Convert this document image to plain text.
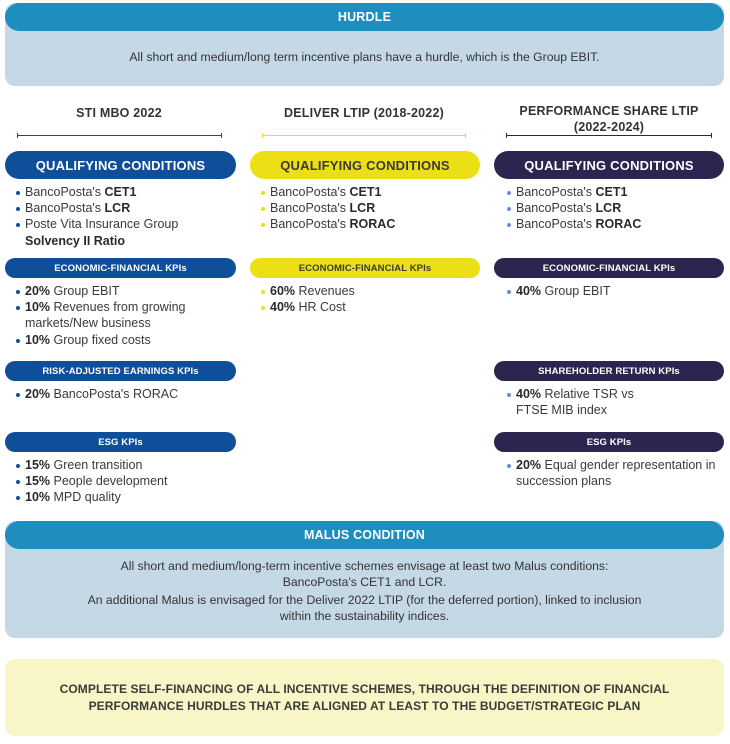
HURDLE
All short and medium/long term incentive plans have a hurdle, which is the Group EBIT.
STI MBO 2022	DELIVER LTIP (2018-2022)	PERFORMANCE SHARE LTIP
(2022-2024)
QUALIFYING CONDITIONS
BancoPosta's CET1
BancoPosta's LCR
Poste Vita Insurance Group
Solvency II Ratio
ECONOMIC-FINANCIAL KPIs
20% Group EBIT
10% Revenues from growing markets/New business
10% Group fixed costs
RISK-ADJUSTED EARNINGS KPIs
20% BancoPosta's RORAC
ESG KPIs
15% Green transition
15% People development
10% MPD quality
QUALIFYING CONDITIONS
BancoPosta's CET1
BancoPosta's LCR
BancoPosta's RORAC
ECONOMIC-FINANCIAL KPIs
60% Revenues
40% HR Cost
QUALIFYING CONDITIONS
BancoPosta's CET1
BancoPosta's LCR
BancoPosta's RORAC
ECONOMIC-FINANCIAL KPIs
40% Group EBIT
SHAREHOLDER RETURN KPIs
40% Relative TSR vs FTSE MIB index
ESG KPIs
20% Equal gender representation in succession plans
MALUS CONDITION

All short and medium/long-term incentive schemes envisage at least two Malus conditions:
BancoPosta's CET1 and LCR.

An additional Malus is envisaged for the Deliver 2022 LTIP (for the deferred portion), linked to inclusion
within the sustainability indices.

COMPLETE SELF-FINANCING OF ALL INCENTIVE SCHEMES, THROUGH THE DEFINITION OF FINANCIAL
PERFORMANCE HURDLES THAT ARE ALIGNED AT LEAST TO THE BUDGET/STRATEGIC PLAN
